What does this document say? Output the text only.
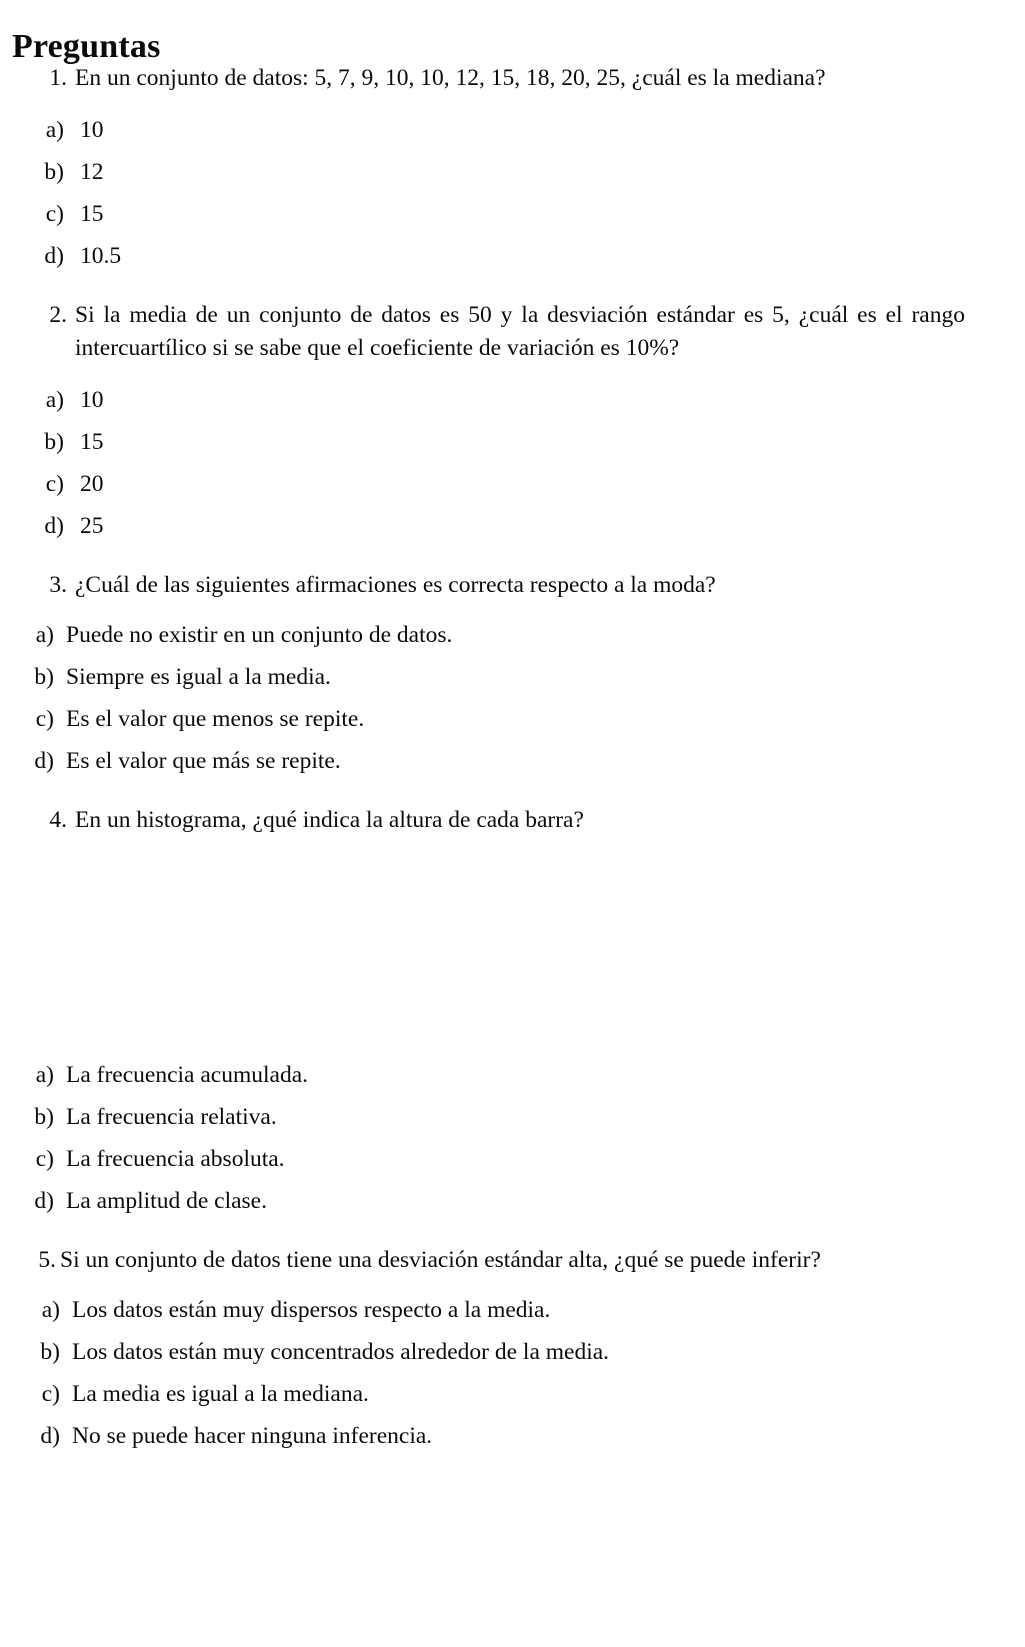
Preguntas
1. En un conjunto de datos: 5, 7, 9, 10, 10, 12, 15, 18, 20, 25, ¿cuál es la mediana?
a) 10
b) 12
c) 15
d) 10.5
2. Si la media de un conjunto de datos es 50 y la desviación estándar es 5, ¿cuál es el rango intercuartílico si se sabe que el coeficiente de variación es 10%?
a) 10
b) 15
c) 20
d) 25
3. ¿Cuál de las siguientes afirmaciones es correcta respecto a la moda?
a) Puede no existir en un conjunto de datos.
b) Siempre es igual a la media.
c) Es el valor que menos se repite.
d) Es el valor que más se repite.
4. En un histograma, ¿qué indica la altura de cada barra?
a) La frecuencia acumulada.
b) La frecuencia relativa.
c) La frecuencia absoluta.
d) La amplitud de clase.
5. Si un conjunto de datos tiene una desviación estándar alta, ¿qué se puede inferir?
a) Los datos están muy dispersos respecto a la media.
b) Los datos están muy concentrados alrededor de la media.
c) La media es igual a la mediana.
d) No se puede hacer ninguna inferencia.
